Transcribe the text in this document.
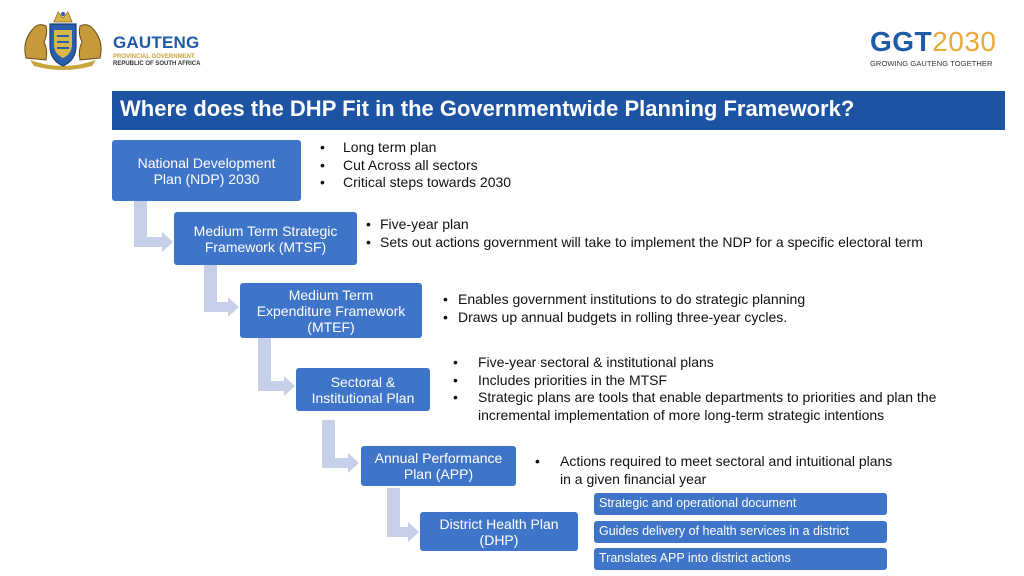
GAUTENG
PROVINCIAL GOVERNMENT
REPUBLIC OF SOUTH AFRICA
GGT2030
GROWING GAUTENG TOGETHER
Where does the DHP Fit in the Governmentwide Planning Framework?
National Development
Plan (NDP) 2030
•	Long term plan
•	Cut Across all sectors
•	Critical steps towards 2030
Medium Term Strategic
Framework (MTSF)
• Five-year plan
• Sets out actions government will take to implement the NDP for a specific electoral term
Medium Term
Expenditure Framework
(MTEF)
• Enables government institutions to do strategic planning
• Draws up annual budgets in rolling three-year cycles.
Sectoral &
Institutional Plan
•	Five-year sectoral & institutional plans
•	Includes priorities in the MTSF
•	Strategic plans are tools that enable departments to priorities and plan the
incremental implementation of more long-term strategic intentions
Annual Performance
Plan (APP)
•	Actions required to meet sectoral and intuitional plans
in a given financial year
District Health Plan
(DHP)
Strategic and operational document
Guides delivery of health services in a district
Translates APP into district actions
